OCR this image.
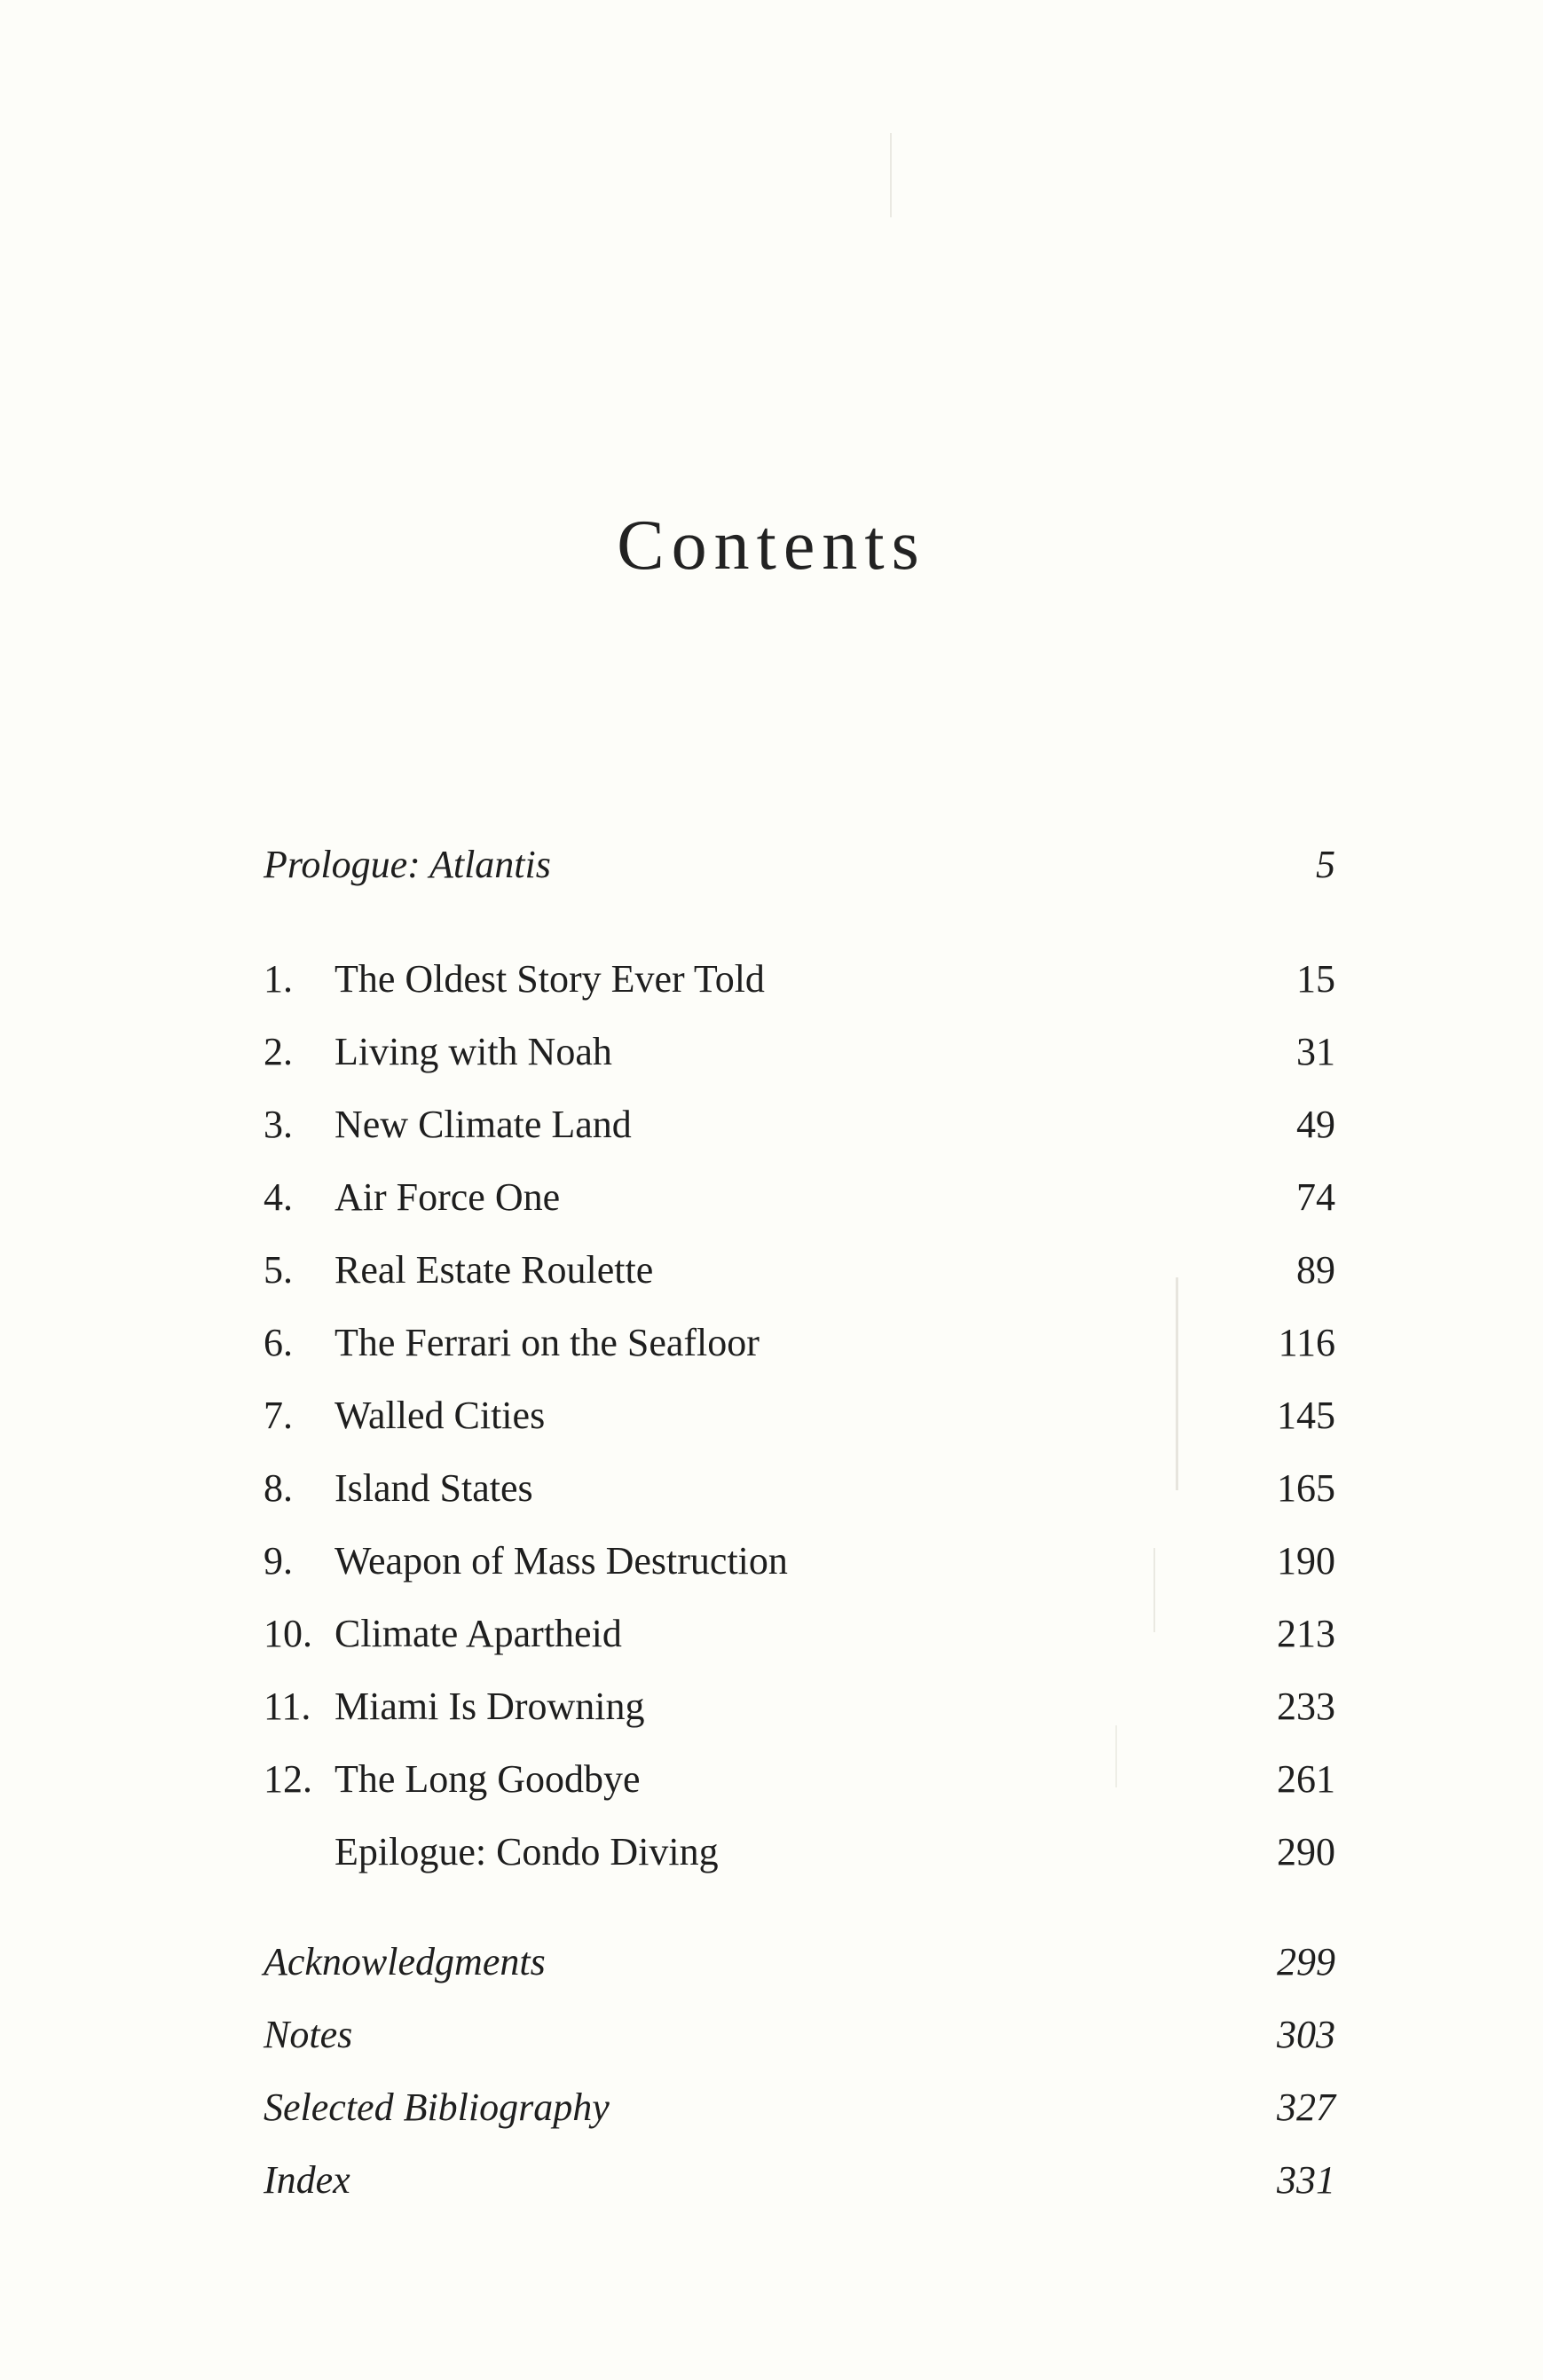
Contents
Prologue: Atlantis	5
1.	The Oldest Story Ever Told	15
2.	Living with Noah	31
3.	New Climate Land	49
4.	Air Force One	74
5.	Real Estate Roulette	89
6.	The Ferrari on the Seafloor	116
7.	Walled Cities	145
8.	Island States	165
9.	Weapon of Mass Destruction	190
10. Climate Apartheid	213
11. Miami Is Drowning	233
12. The Long Goodbye	261
Epilogue: Condo Diving	290
Acknowledgments	299
Notes	303
Selected Bibliography	327
Index	331
